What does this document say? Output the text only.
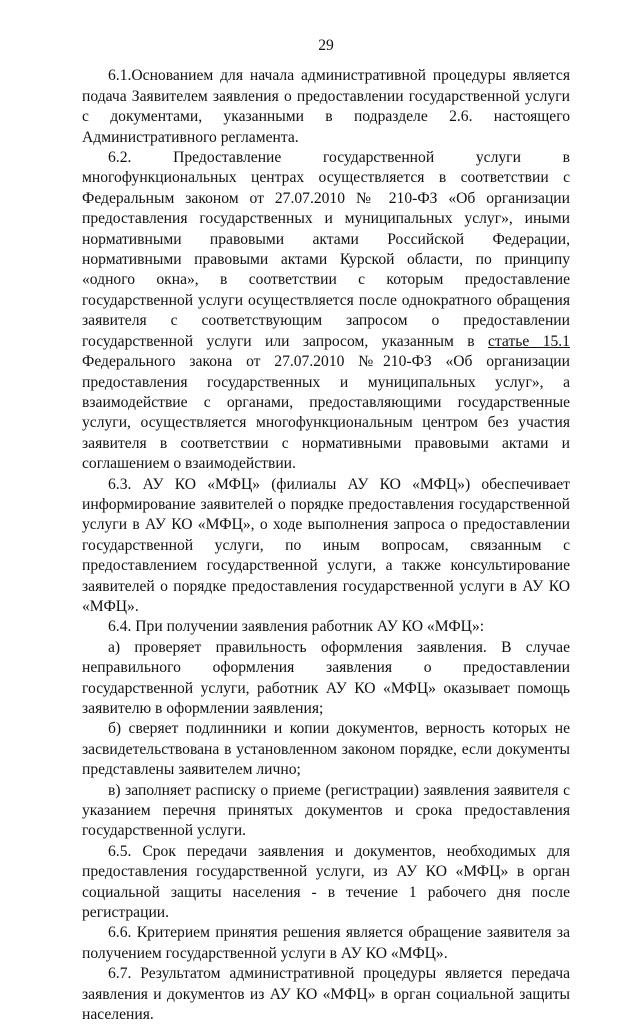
29

6.1.Основанием для начала административной процедуры является подача Заявителем заявления о предоставлении государственной услуги с документами, указанными в подразделе 2.6. настоящего Административного регламента.

6.2. Предоставление государственной услуги в многофункциональных центрах осуществляется в соответствии с Федеральным законом от 27.07.2010 № 210-ФЗ «Об организации предоставления государственных и муниципальных услуг», иными нормативными правовыми актами Российской Федерации, нормативными правовыми актами Курской области, по принципу «одного окна», в соответствии с которым предоставление государственной услуги осуществляется после однократного обращения заявителя с соответствующим запросом о предоставлении государственной услуги или запросом, указанным в статье 15.1 Федерального закона от 27.07.2010 №210-ФЗ «Об организации предоставления государственных и муниципальных услуг», а взаимодействие с органами, предоставляющими государственные услуги, осуществляется многофункциональным центром без участия заявителя в соответствии с нормативными правовыми актами и соглашением о взаимодействии.

6.3. АУ КО «МФЦ» (филиалы АУ КО «МФЦ») обеспечивает информирование заявителей о порядке предоставления государственной услуги в АУ КО «МФЦ», о ходе выполнения запроса о предоставлении государственной услуги, по иным вопросам, связанным с предоставлением государственной услуги, а также консультирование заявителей о порядке предоставления государственной услуги в АУ КО «МФЦ».

6.4. При получении заявления работник АУ КО «МФЦ»:

а) проверяет правильность оформления заявления. В случае неправильного оформления заявления о предоставлении государственной услуги, работник АУ КО «МФЦ» оказывает помощь заявителю в оформлении заявления;

б) сверяет подлинники и копии документов, верность которых не засвидетельствована в установленном законом порядке, если документы представлены заявителем лично;

в) заполняет расписку о приеме (регистрации) заявления заявителя с указанием перечня принятых документов и срока предоставления государственной услуги.

6.5. Срок передачи заявления и документов, необходимых для предоставления государственной услуги, из АУ КО «МФЦ» в орган социальной защиты населения - в течение 1 рабочего дня после регистрации.

6.6. Критерием принятия решения является обращение заявителя за получением государственной услуги в АУ КО «МФЦ».

6.7. Результатом административной процедуры является передача заявления и документов из АУ КО «МФЦ» в орган социальной защиты населения.
